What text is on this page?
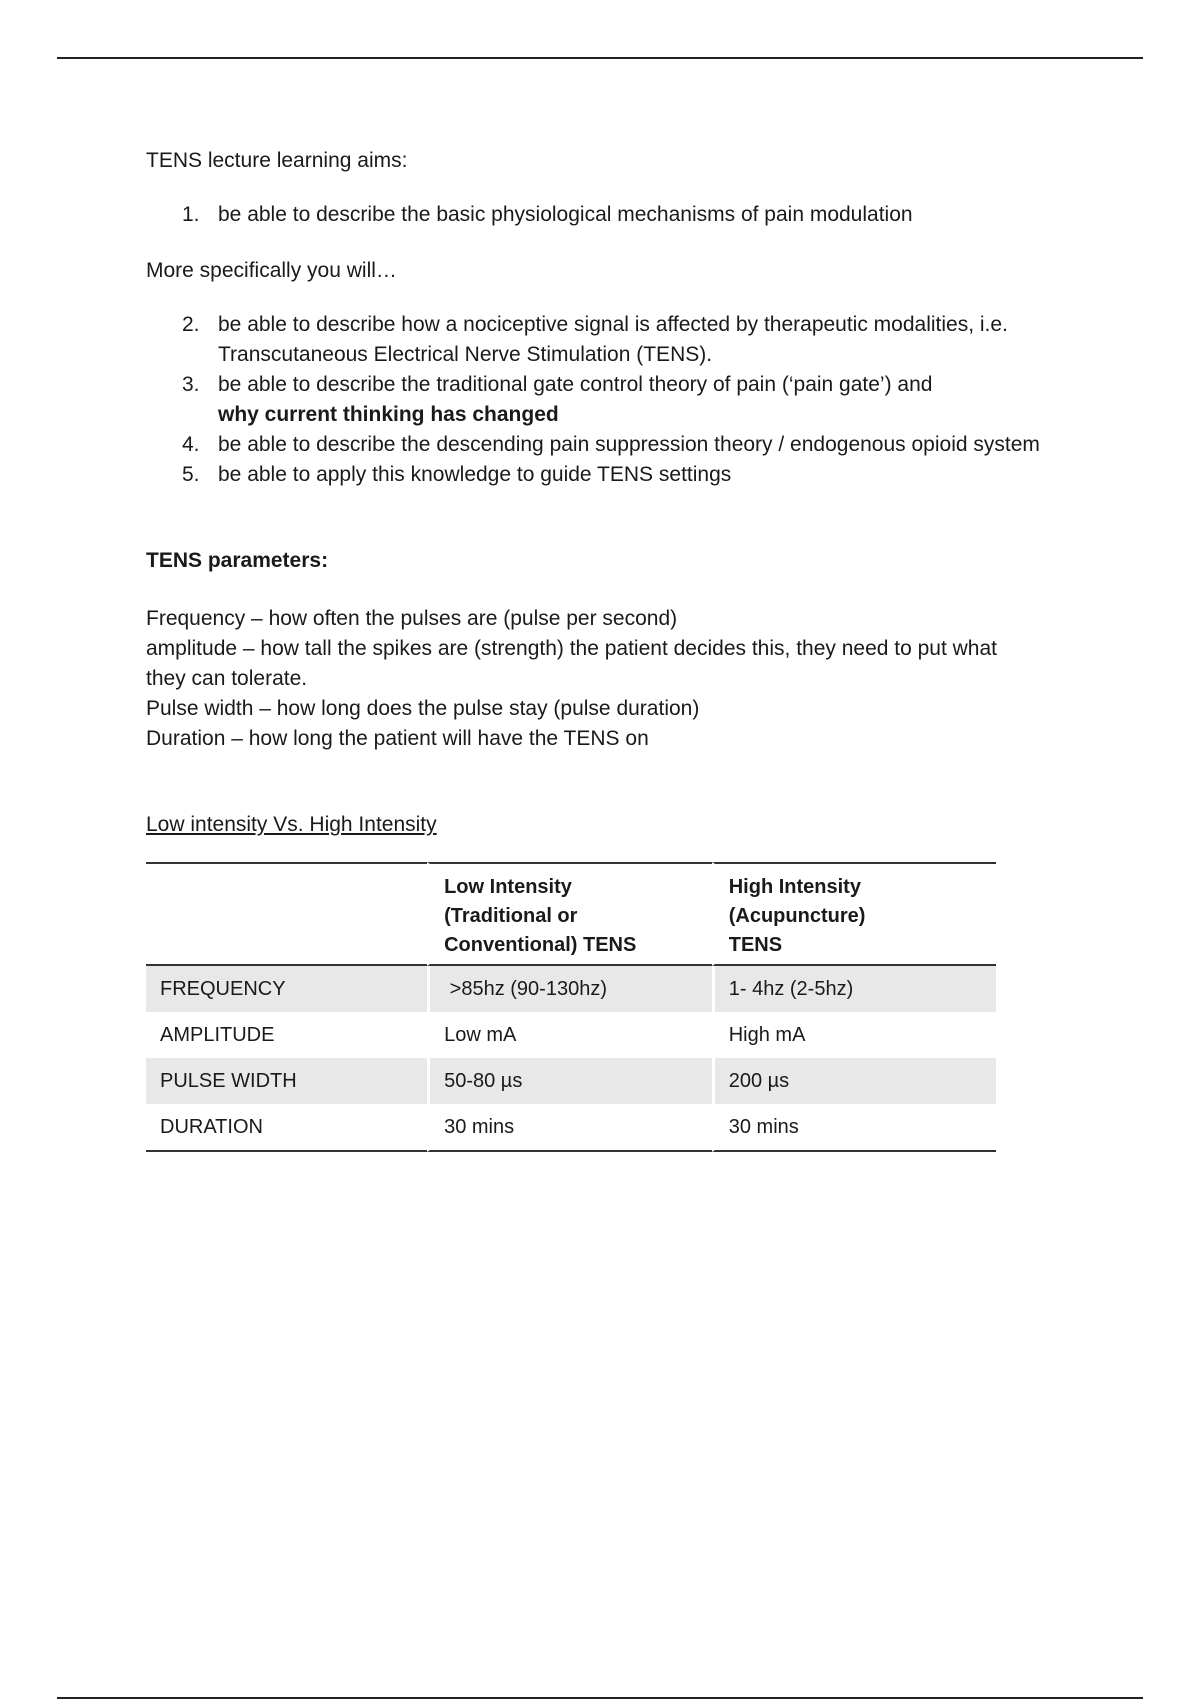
TENS lecture learning aims:

1. be able to describe the basic physiological mechanisms of pain modulation

More specifically you will…

2. be able to describe how a nociceptive signal is affected by therapeutic modalities, i.e.
Transcutaneous Electrical Nerve Stimulation (TENS).
3. be able to describe the traditional gate control theory of pain (‘pain gate’) and
why current thinking has changed
4. be able to describe the descending pain suppression theory / endogenous opioid system
5. be able to apply this knowledge to guide TENS settings

TENS parameters:

Frequency – how often the pulses are (pulse per second)

amplitude – how tall the spikes are (strength) the patient decides this, they need to put what

they can tolerate.

Pulse width – how long does the pulse stay (pulse duration)

Duration – how long the patient will have the TENS on

Low intensity Vs. High Intensity

	Low Intensity
(Traditional or
Conventional) TENS	High Intensity
(Acupuncture)
TENS
FREQUENCY	>85hz (90-130hz)	1- 4hz (2-5hz)
AMPLITUDE	Low mA	High mA
PULSE WIDTH	50-80 µs	200 µs
DURATION	30 mins	30 mins
